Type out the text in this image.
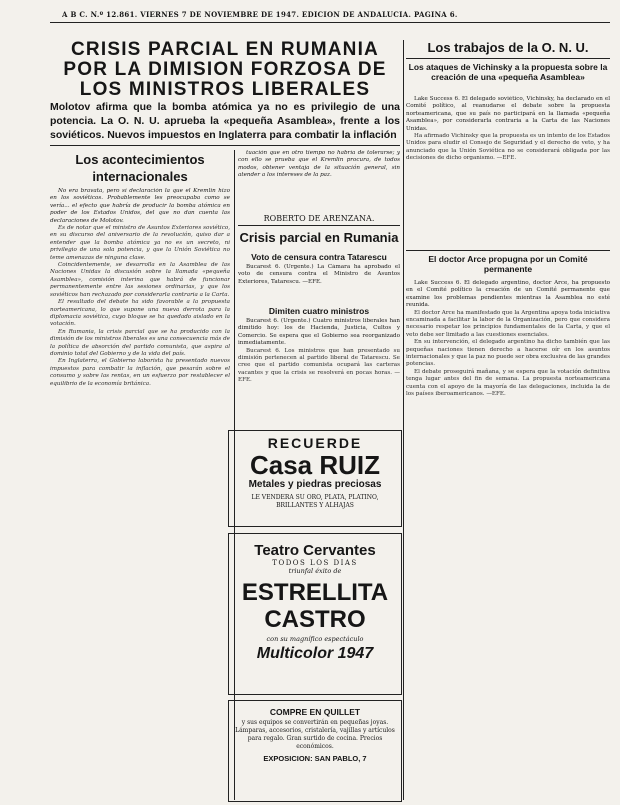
A B C. N.º 12.861. VIERNES 7 DE NOVIEMBRE DE 1947. EDICION DE ANDALUCIA. PAGINA 6.
CRISIS PARCIAL EN RUMANIA POR LA DIMISION FORZOSA DE LOS MINISTROS LIBERALES
Molotov afirma que la bomba atómica ya no es privilegio de una potencia. La O. N. U. aprueba la «pequeña Asamblea», frente a los soviéticos. Nuevos impuestos en Inglaterra para combatir la inflación
Los acontecimientos internacionales

No era bravata, pero sí declaración la que el Kremlin hizo en los soviéticos. Probablemente les preocupaba como se vería... el efecto que habría de producir la bomba atómica en poder de los Estados Unidos, del que no dan cuenta las declaraciones de Molotov.

Es de notar que el ministro de Asuntos Exteriores soviético, en su discurso del aniversario de la revolución, quiso dar a entender que la bomba atómica ya no es un secreto, ni privilegio de una sola potencia, y que la Unión Soviética no teme amenazas de ninguna clase.

Coincidentemente, se desarrolla en la Asamblea de las Naciones Unidas la discusión sobre la llamada «pequeña Asamblea», comisión interina que habrá de funcionar permanentemente entre las sesiones ordinarias, y que los soviéticos han rechazado por considerarla contraria a la Carta.

El resultado del debate ha sido favorable a la propuesta norteamericana, lo que supone una nueva derrota para la diplomacia soviética, cuyo bloque se ha quedado aislado en la votación.

En Rumania, la crisis parcial que se ha producido con la dimisión de los ministros liberales es una consecuencia más de la política de absorción del partido comunista, que aspira al dominio total del Gobierno y de la vida del país.

En Inglaterra, el Gobierno laborista ha presentado nuevos impuestos para combatir la inflación, que pesarán sobre el consumo y sobre las rentas, en un esfuerzo por restablecer el equilibrio de la economía británica.

tuación que en otro tiempo no habría de tolerarse; y con ello se prueba que el Kremlin procura, de todos modos, obtener ventaja de la situación general, sin atender a los intereses de la paz.

ROBERTO DE ARENZANA.
Crisis parcial en Rumania
Voto de censura contra Tatarescu

Bucarest 6. (Urgente.) La Cámara ha aprobado el voto de censura contra el Ministro de Asuntos Exteriores, Tatarescu. —EFE.

Dimiten cuatro ministros

Bucarest 6. (Urgente.) Cuatro ministros liberales han dimitido hoy: los de Hacienda, Justicia, Cultos y Comercio. Se espera que el Gobierno sea reorganizado inmediatamente.

Bucarest 6. Los ministros que han presentado su dimisión pertenecen al partido liberal de Tatarescu. Se cree que el partido comunista ocupará las carteras vacantes y que la crisis se resolverá en pocas horas. —EFE.

RECUERDE
Casa RUIZ
Metales y piedras preciosas
LE VENDERA SU ORO, PLATA, PLATINO, BRILLANTES Y ALHAJAS
Teatro Cervantes
TODOS LOS DIAS
triunfal éxito de
ESTRELLITA
CASTRO
con su magnífico espectáculo
Multicolor 1947
COMPRE EN QUILLET
y sus equipos se convertirán en pequeñas joyas. Lámparas, accesorios, cristalería, vajillas y artículos para regalo. Gran surtido de cocina. Precios económicos.
EXPOSICION: SAN PABLO, 7
Los trabajos de la O. N. U.
Los ataques de Vichinsky a la propuesta sobre la creación de una «pequeña Asamblea»

Lake Success 6. El delegado soviético, Vichinsky, ha declarado en el Comité político, al reanudarse el debate sobre la propuesta norteamericana, que su país no participará en la llamada «pequeña Asamblea», por considerarla contraria a la Carta de las Naciones Unidas.

Ha afirmado Vichinsky que la propuesta es un intento de los Estados Unidos para eludir el Consejo de Seguridad y el derecho de veto, y ha anunciado que la Unión Soviética no se considerará obligada por las decisiones de dicho organismo. —EFE.

El doctor Arce propugna por un Comité permanente

Lake Success 6. El delegado argentino, doctor Arce, ha propuesto en el Comité político la creación de un Comité permanente que examine los problemas pendientes mientras la Asamblea no esté reunida.

El doctor Arce ha manifestado que la Argentina apoya toda iniciativa encaminada a facilitar la labor de la Organización, pero que considera necesario respetar los principios fundamentales de la Carta, y que el veto debe ser limitado a las cuestiones esenciales.

En su intervención, el delegado argentino ha dicho también que las pequeñas naciones tienen derecho a hacerse oír en los asuntos internacionales y que la paz no puede ser obra exclusiva de las grandes potencias.

El debate proseguirá mañana, y se espera que la votación definitiva tenga lugar antes del fin de semana. La propuesta norteamericana cuenta con el apoyo de la mayoría de las delegaciones, incluida la de los países iberoamericanos. —EFE.
